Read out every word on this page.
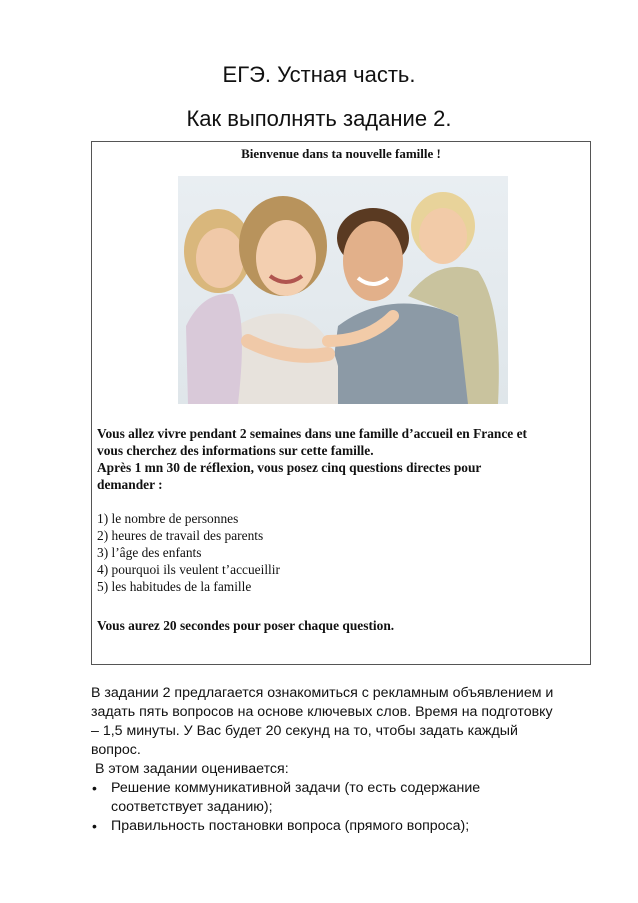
ЕГЭ. Устная часть.
Как выполнять задание 2.
Bienvenue dans ta nouvelle famille !

Vous allez vivre pendant 2 semaines dans une famille d’accueil en France et

vous cherchez des informations sur cette famille.

Après 1 mn 30 de réflexion, vous posez cinq questions directes pour

demander :

1) le nombre de personnes

2) heures de travail des parents

3) l’âge des enfants

4) pourquoi ils veulent t’accueillir

5) les habitudes de la famille

Vous aurez 20 secondes pour poser chaque question.

В задании 2 предлагается ознакомиться с рекламным объявлением и

задать пять вопросов на основе ключевых слов. Время на подготовку

– 1,5 минуты. У Вас будет 20 секунд на то, чтобы задать каждый

вопрос.

В этом задании оценивается:

• Решение коммуникативной задачи (то есть содержание
соответствует заданию);
• Правильность постановки вопроса (прямого вопроса);
